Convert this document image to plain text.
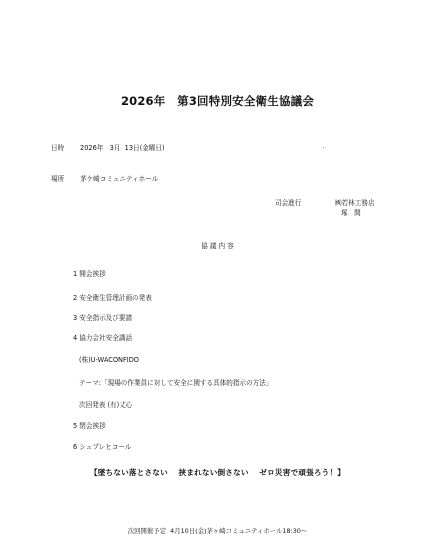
2026年　第3回特別安全衛生協議会
日時 2026年   3月  13日(金曜日)
場所 茅ケ崎コミュニティホール
司会進行	㈱若林工務店
塚　間
協 議 内 容
1 開会挨拶
2 安全衛生管理計画の発表
3 安全指示及び要請
4 協力会社安全講話
(株)U-WACONFIDO
テーマ:「現場の作業員に対して安全に関する具体的指示の方法」
次回発表 (有)丈心
5 閉会挨拶
6 シュプレヒコール
【墜ちない落とさない　 挟まれない倒さない　 ゼロ災害で頑張ろう！】
次回開催予定  4月10日(金)茅ヶ崎コミュニティホール18:30～
